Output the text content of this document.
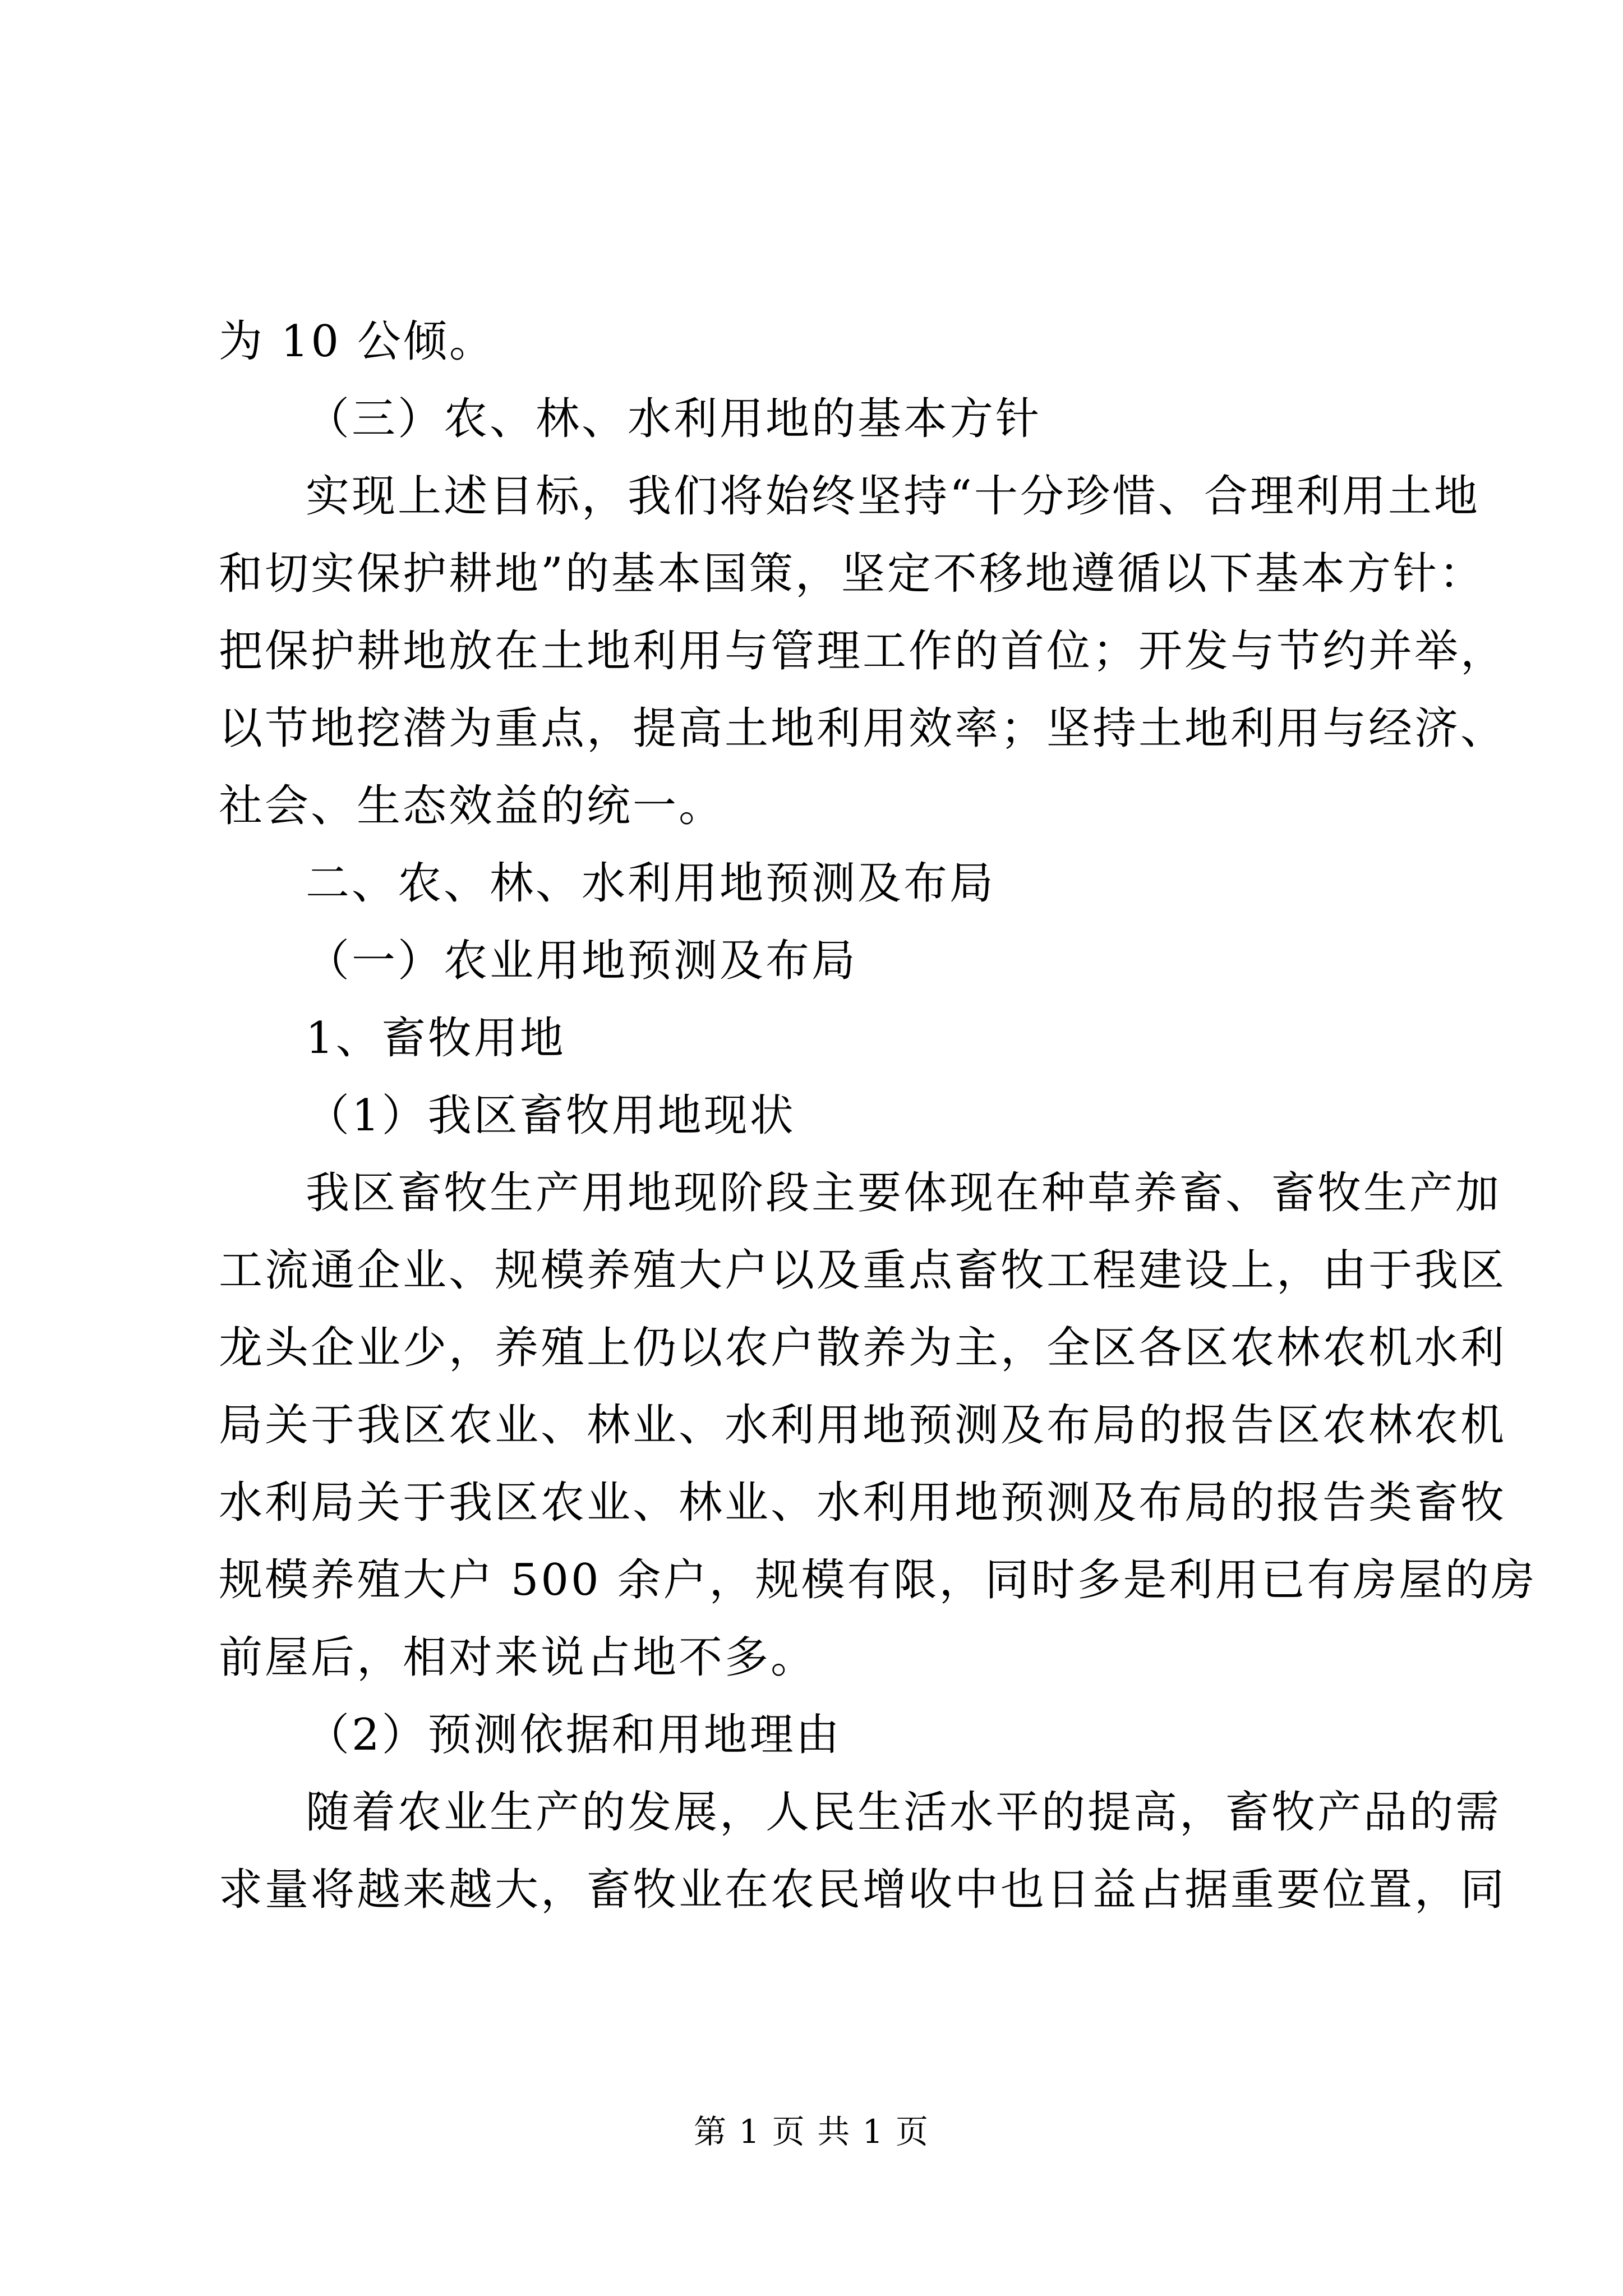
为 10 公倾。
（三）农、林、水利用地的基本方针
实现上述目标，我们将始终坚持“十分珍惜、合理利用土地
和切实保护耕地”的基本国策，坚定不移地遵循以下基本方针：
把保护耕地放在土地利用与管理工作的首位；开发与节约并举，
以节地挖潜为重点，提高土地利用效率；坚持土地利用与经济、
社会、生态效益的统一。
二、农、林、水利用地预测及布局
（一）农业用地预测及布局
1、畜牧用地
（1）我区畜牧用地现状
我区畜牧生产用地现阶段主要体现在种草养畜、畜牧生产加
工流通企业、规模养殖大户以及重点畜牧工程建设上，由于我区
龙头企业少，养殖上仍以农户散养为主，全区各区农林农机水利
局关于我区农业、林业、水利用地预测及布局的报告区农林农机
水利局关于我区农业、林业、水利用地预测及布局的报告类畜牧
规模养殖大户 500 余户，规模有限，同时多是利用已有房屋的房
前屋后，相对来说占地不多。
（2）预测依据和用地理由
随着农业生产的发展，人民生活水平的提高，畜牧产品的需
求量将越来越大，畜牧业在农民增收中也日益占据重要位置，同
第 1 页 共 1 页
